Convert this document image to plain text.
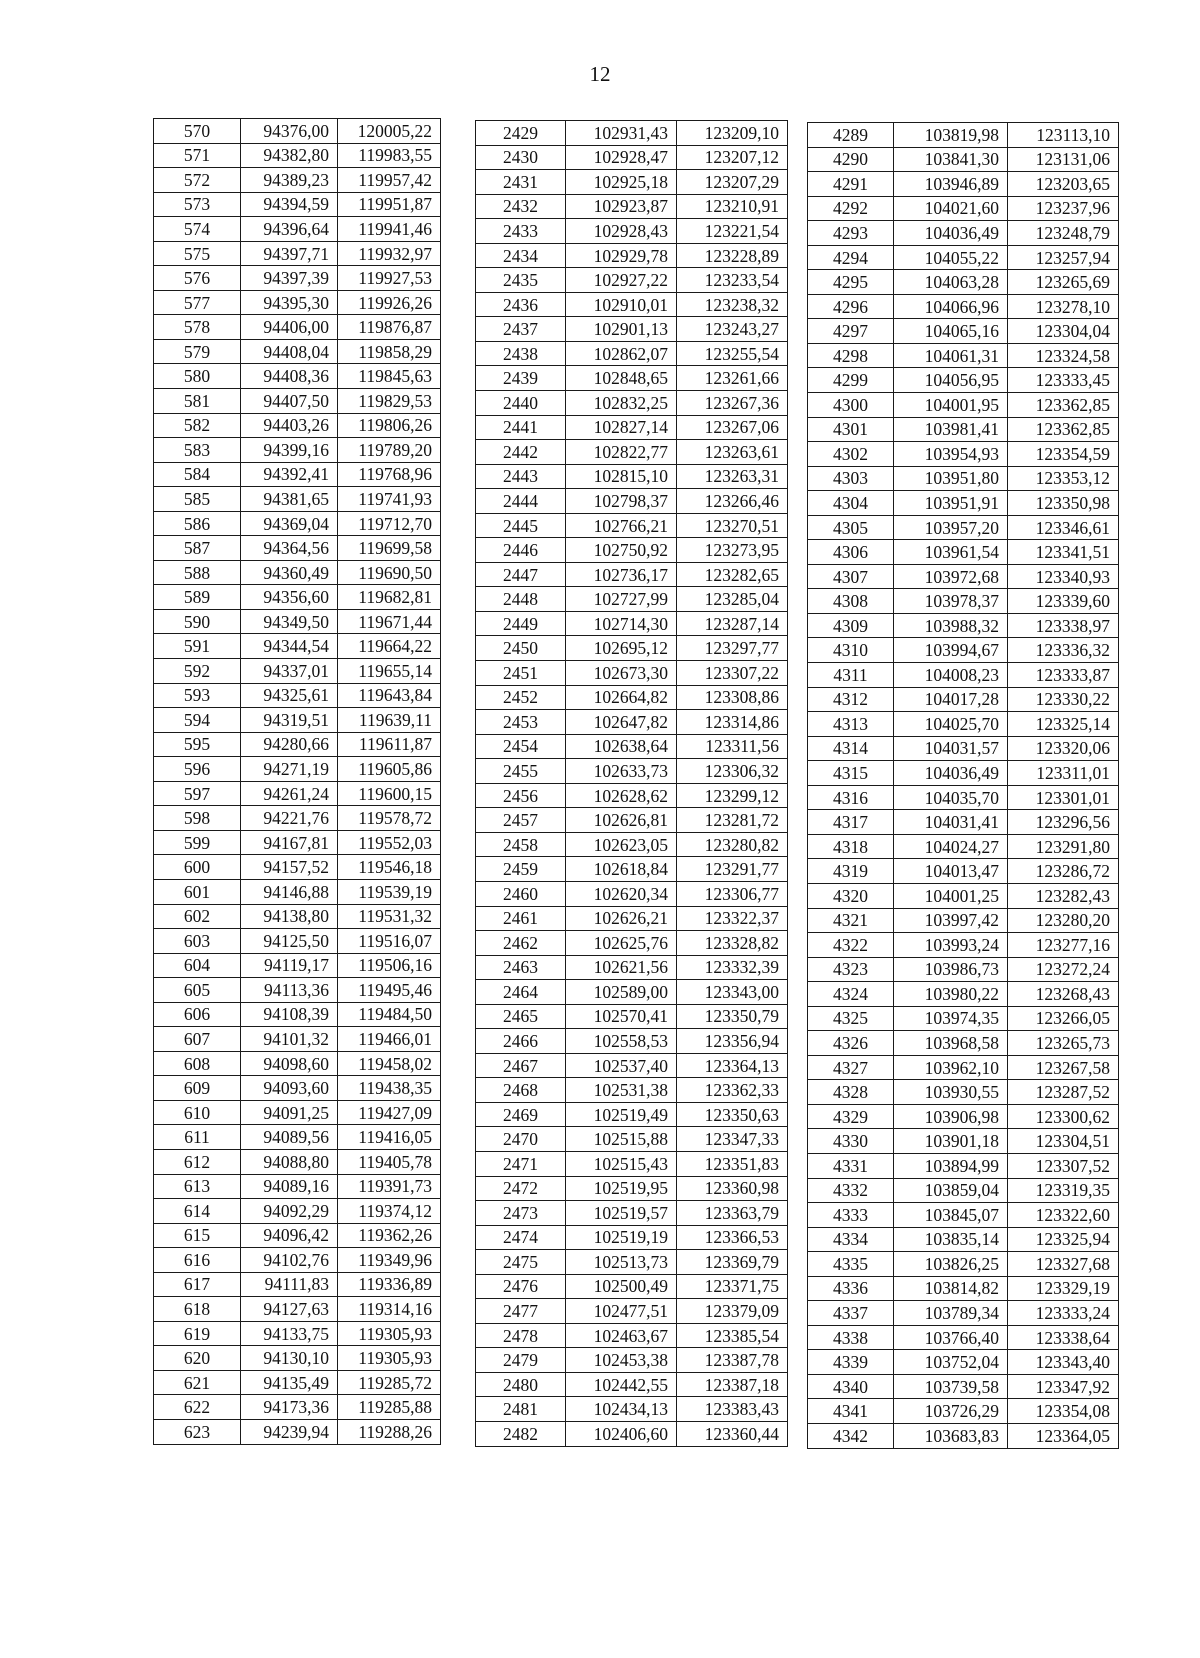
12
570	94376,00	120005,22
571	94382,80	119983,55
572	94389,23	119957,42
573	94394,59	119951,87
574	94396,64	119941,46
575	94397,71	119932,97
576	94397,39	119927,53
577	94395,30	119926,26
578	94406,00	119876,87
579	94408,04	119858,29
580	94408,36	119845,63
581	94407,50	119829,53
582	94403,26	119806,26
583	94399,16	119789,20
584	94392,41	119768,96
585	94381,65	119741,93
586	94369,04	119712,70
587	94364,56	119699,58
588	94360,49	119690,50
589	94356,60	119682,81
590	94349,50	119671,44
591	94344,54	119664,22
592	94337,01	119655,14
593	94325,61	119643,84
594	94319,51	119639,11
595	94280,66	119611,87
596	94271,19	119605,86
597	94261,24	119600,15
598	94221,76	119578,72
599	94167,81	119552,03
600	94157,52	119546,18
601	94146,88	119539,19
602	94138,80	119531,32
603	94125,50	119516,07
604	94119,17	119506,16
605	94113,36	119495,46
606	94108,39	119484,50
607	94101,32	119466,01
608	94098,60	119458,02
609	94093,60	119438,35
610	94091,25	119427,09
611	94089,56	119416,05
612	94088,80	119405,78
613	94089,16	119391,73
614	94092,29	119374,12
615	94096,42	119362,26
616	94102,76	119349,96
617	94111,83	119336,89
618	94127,63	119314,16
619	94133,75	119305,93
620	94130,10	119305,93
621	94135,49	119285,72
622	94173,36	119285,88
623	94239,94	119288,26
2429	102931,43	123209,10
2430	102928,47	123207,12
2431	102925,18	123207,29
2432	102923,87	123210,91
2433	102928,43	123221,54
2434	102929,78	123228,89
2435	102927,22	123233,54
2436	102910,01	123238,32
2437	102901,13	123243,27
2438	102862,07	123255,54
2439	102848,65	123261,66
2440	102832,25	123267,36
2441	102827,14	123267,06
2442	102822,77	123263,61
2443	102815,10	123263,31
2444	102798,37	123266,46
2445	102766,21	123270,51
2446	102750,92	123273,95
2447	102736,17	123282,65
2448	102727,99	123285,04
2449	102714,30	123287,14
2450	102695,12	123297,77
2451	102673,30	123307,22
2452	102664,82	123308,86
2453	102647,82	123314,86
2454	102638,64	123311,56
2455	102633,73	123306,32
2456	102628,62	123299,12
2457	102626,81	123281,72
2458	102623,05	123280,82
2459	102618,84	123291,77
2460	102620,34	123306,77
2461	102626,21	123322,37
2462	102625,76	123328,82
2463	102621,56	123332,39
2464	102589,00	123343,00
2465	102570,41	123350,79
2466	102558,53	123356,94
2467	102537,40	123364,13
2468	102531,38	123362,33
2469	102519,49	123350,63
2470	102515,88	123347,33
2471	102515,43	123351,83
2472	102519,95	123360,98
2473	102519,57	123363,79
2474	102519,19	123366,53
2475	102513,73	123369,79
2476	102500,49	123371,75
2477	102477,51	123379,09
2478	102463,67	123385,54
2479	102453,38	123387,78
2480	102442,55	123387,18
2481	102434,13	123383,43
2482	102406,60	123360,44
4289	103819,98	123113,10
4290	103841,30	123131,06
4291	103946,89	123203,65
4292	104021,60	123237,96
4293	104036,49	123248,79
4294	104055,22	123257,94
4295	104063,28	123265,69
4296	104066,96	123278,10
4297	104065,16	123304,04
4298	104061,31	123324,58
4299	104056,95	123333,45
4300	104001,95	123362,85
4301	103981,41	123362,85
4302	103954,93	123354,59
4303	103951,80	123353,12
4304	103951,91	123350,98
4305	103957,20	123346,61
4306	103961,54	123341,51
4307	103972,68	123340,93
4308	103978,37	123339,60
4309	103988,32	123338,97
4310	103994,67	123336,32
4311	104008,23	123333,87
4312	104017,28	123330,22
4313	104025,70	123325,14
4314	104031,57	123320,06
4315	104036,49	123311,01
4316	104035,70	123301,01
4317	104031,41	123296,56
4318	104024,27	123291,80
4319	104013,47	123286,72
4320	104001,25	123282,43
4321	103997,42	123280,20
4322	103993,24	123277,16
4323	103986,73	123272,24
4324	103980,22	123268,43
4325	103974,35	123266,05
4326	103968,58	123265,73
4327	103962,10	123267,58
4328	103930,55	123287,52
4329	103906,98	123300,62
4330	103901,18	123304,51
4331	103894,99	123307,52
4332	103859,04	123319,35
4333	103845,07	123322,60
4334	103835,14	123325,94
4335	103826,25	123327,68
4336	103814,82	123329,19
4337	103789,34	123333,24
4338	103766,40	123338,64
4339	103752,04	123343,40
4340	103739,58	123347,92
4341	103726,29	123354,08
4342	103683,83	123364,05
